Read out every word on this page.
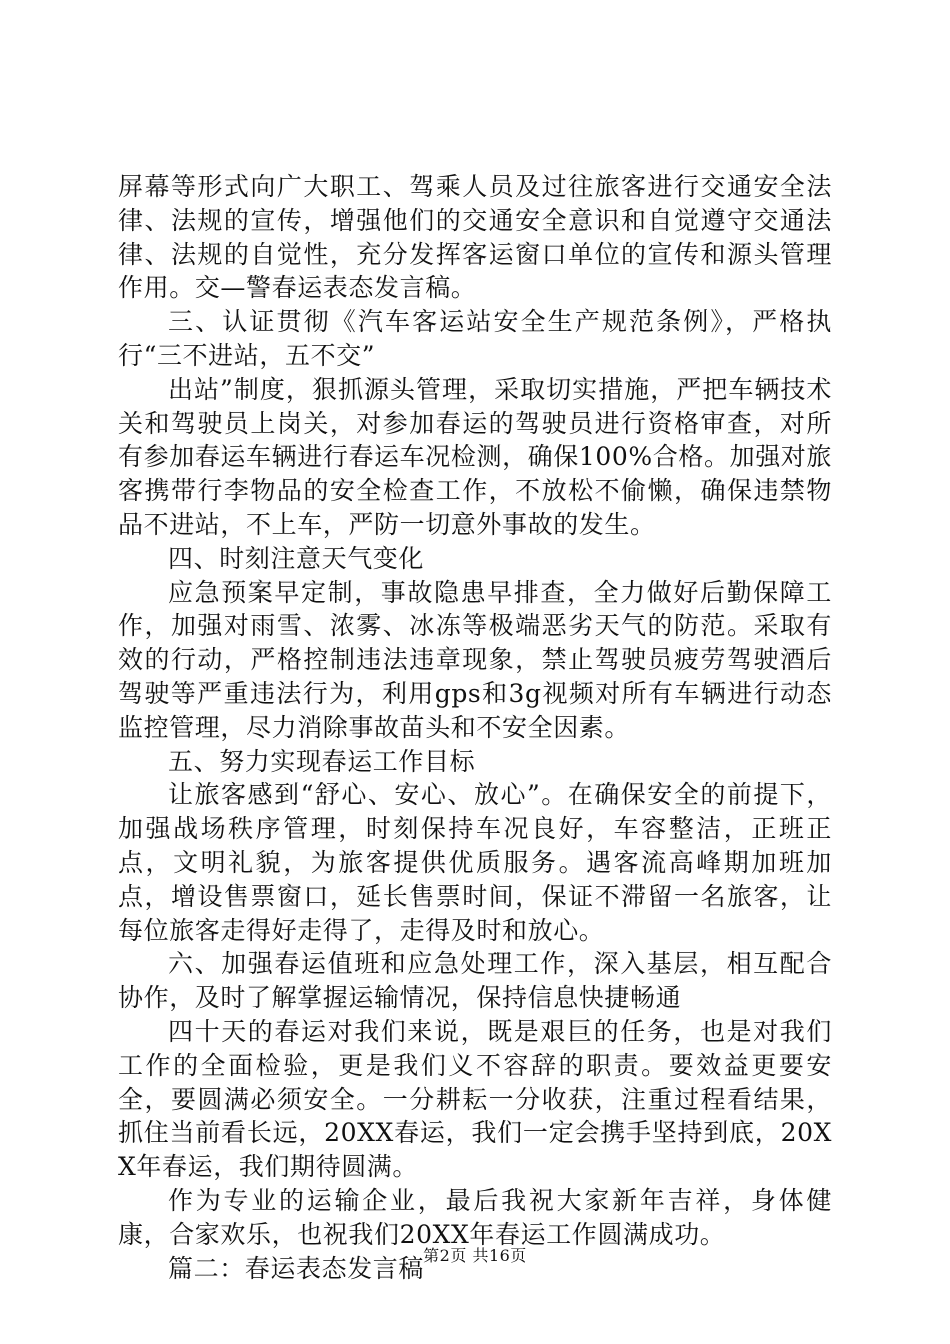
屏幕等形式向广大职工、驾乘人员及过往旅客进行交通安全法律、法规的宣传，增强他们的交通安全意识和自觉遵守交通法律、法规的自觉性，充分发挥客运窗口单位的宣传和源头管理作用。交—警春运表态发言稿。

三、认证贯彻《汽车客运站安全生产规范条例》，严格执行“三不进站，五不交”

出站”制度，狠抓源头管理，采取切实措施，严把车辆技术关和驾驶员上岗关，对参加春运的驾驶员进行资格审查，对所有参加春运车辆进行春运车况检测，确保100%合格。加强对旅客携带行李物品的安全检查工作，不放松不偷懒，确保违禁物品不进站，不上车，严防一切意外事故的发生。

四、时刻注意天气变化

应急预案早定制，事故隐患早排查，全力做好后勤保障工作，加强对雨雪、浓雾、冰冻等极端恶劣天气的防范。采取有效的行动，严格控制违法违章现象，禁止驾驶员疲劳驾驶酒后驾驶等严重违法行为，利用gps和3g视频对所有车辆进行动态监控管理，尽力消除事故苗头和不安全因素。

五、努力实现春运工作目标

让旅客感到“舒心、安心、放心”。在确保安全的前提下，加强战场秩序管理，时刻保持车况良好，车容整洁，正班正点，文明礼貌，为旅客提供优质服务。遇客流高峰期加班加点，增设售票窗口，延长售票时间，保证不滞留一名旅客，让每位旅客走得好走得了，走得及时和放心。

六、加强春运值班和应急处理工作，深入基层，相互配合协作，及时了解掌握运输情况，保持信息快捷畅通

四十天的春运对我们来说，既是艰巨的任务，也是对我们工作的全面检验，更是我们义不容辞的职责。要效益更要安全，要圆满必须安全。一分耕耘一分收获，注重过程看结果，抓住当前看长远，20XX春运，我们一定会携手坚持到底，20XX年春运，我们期待圆满。

作为专业的运输企业，最后我祝大家新年吉祥，身体健康，合家欢乐，也祝我们20XX年春运工作圆满成功。

篇二：春运表态发言稿 第2页 共16页
